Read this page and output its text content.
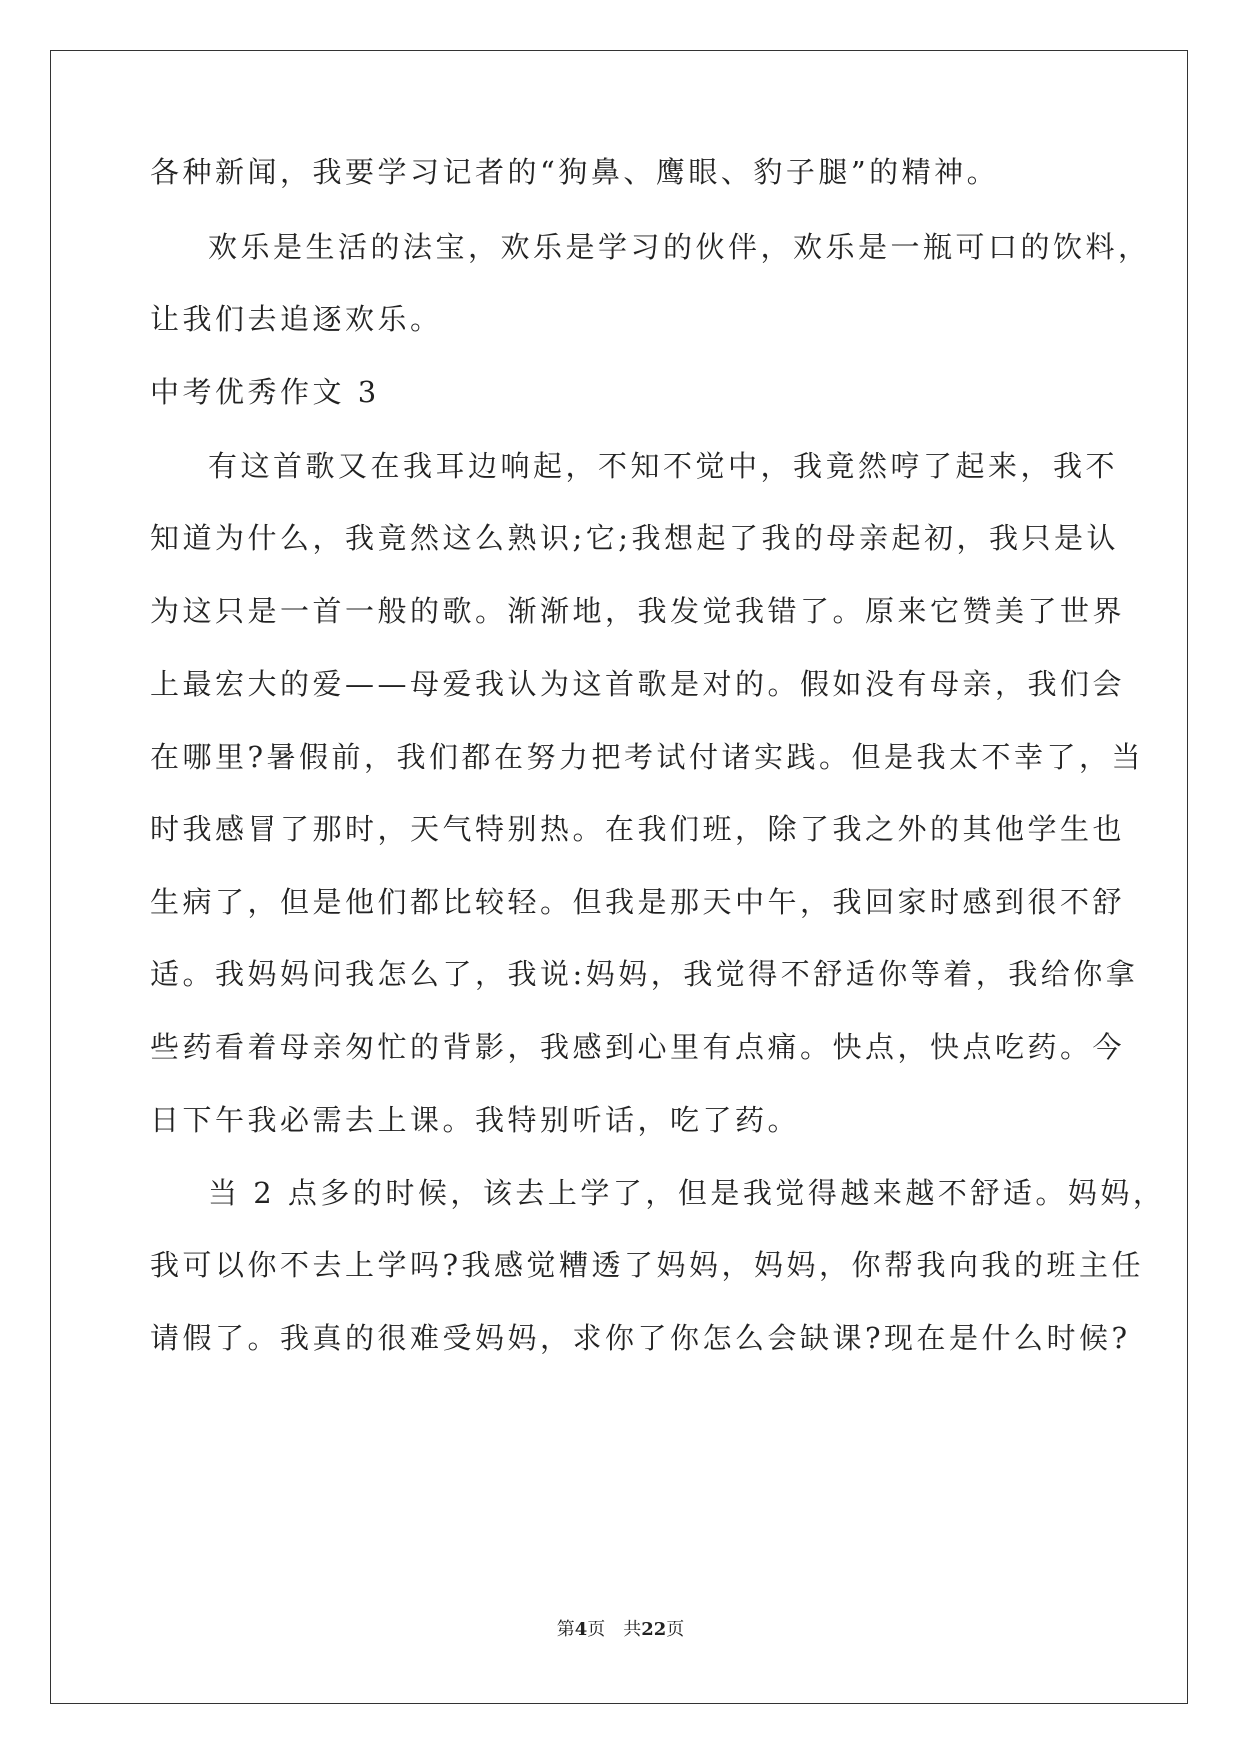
各种新闻，我要学习记者的“狗鼻、鹰眼、豹子腿”的精神。
欢乐是生活的法宝，欢乐是学习的伙伴，欢乐是一瓶可口的饮料，
让我们去追逐欢乐。
中考优秀作文 3
有这首歌又在我耳边响起，不知不觉中，我竟然哼了起来，我不
知道为什么，我竟然这么熟识;它;我想起了我的母亲起初，我只是认
为这只是一首一般的歌。渐渐地，我发觉我错了。原来它赞美了世界
上最宏大的爱——母爱我认为这首歌是对的。假如没有母亲，我们会
在哪里?暑假前，我们都在努力把考试付诸实践。但是我太不幸了，当
时我感冒了那时，天气特别热。在我们班，除了我之外的其他学生也
生病了，但是他们都比较轻。但我是那天中午，我回家时感到很不舒
适。我妈妈问我怎么了，我说:妈妈，我觉得不舒适你等着，我给你拿
些药看着母亲匆忙的背影，我感到心里有点痛。快点，快点吃药。今
日下午我必需去上课。我特别听话，吃了药。
当 2 点多的时候，该去上学了，但是我觉得越来越不舒适。妈妈，
我可以你不去上学吗?我感觉糟透了妈妈，妈妈，你帮我向我的班主任
请假了。我真的很难受妈妈，求你了你怎么会缺课?现在是什么时候?
第4页 共22页
